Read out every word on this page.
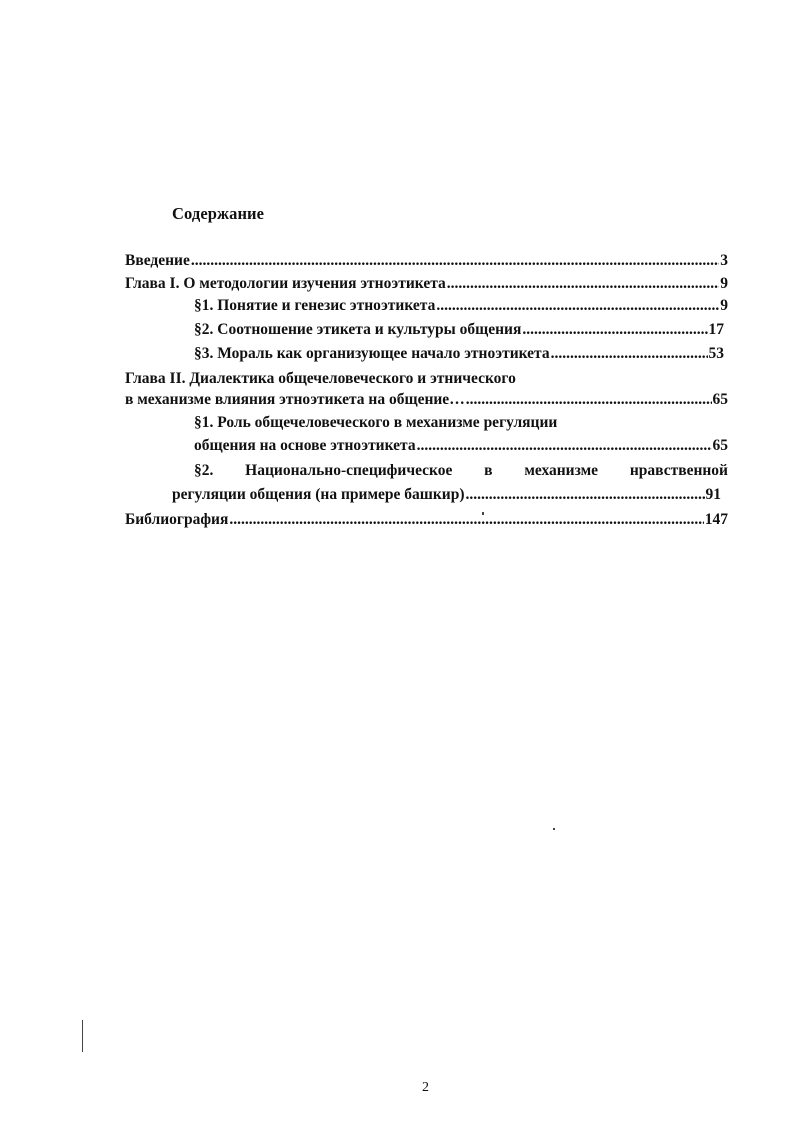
Содержание
Введение .....	3
Глава I. О методологии изучения этноэтикета .....	9
§1. Понятие и генезис этноэтикета .....	9
§2. Соотношение этикета и культуры общения .....	17
§3. Мораль как организующее начало этноэтикета .....	53
Глава II. Диалектика общечеловеческого и этнического
в механизме влияния этноэтикета на общение… .....	65
§1. Роль общечеловеческого в механизме регуляции
общения на основе этноэтикета .....	65
§2. Национально-специфическое в механизме нравственной
регуляции общения (на примере башкир) .....	91
Библиография .....	147
2
